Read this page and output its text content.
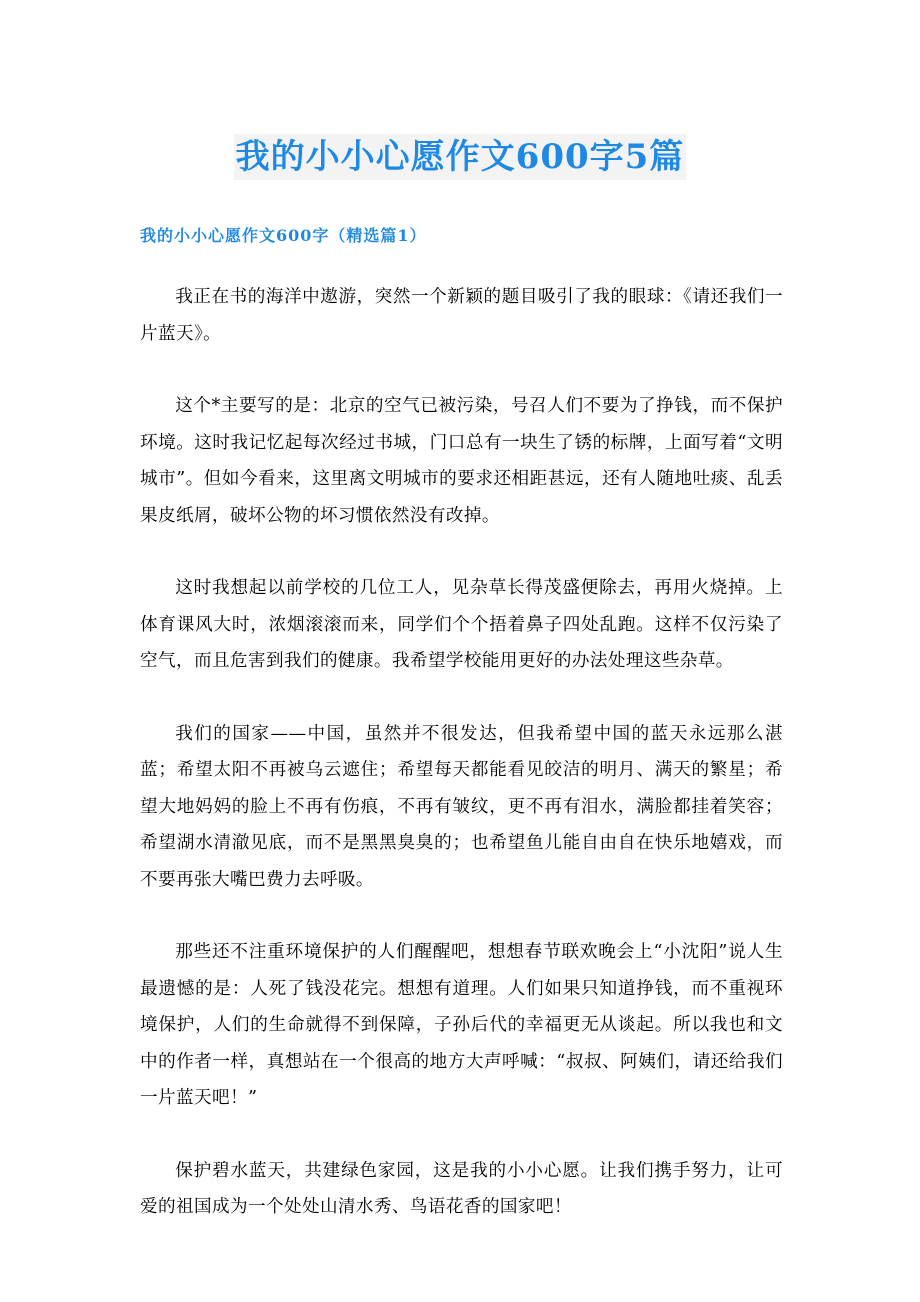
我的小小心愿作文600字5篇
我的小小心愿作文600字（精选篇1）

我正在书的海洋中遨游，突然一个新颖的题目吸引了我的眼球：《请还我们一片蓝天》。

这个*主要写的是：北京的空气已被污染，号召人们不要为了挣钱，而不保护环境。这时我记忆起每次经过书城，门口总有一块生了锈的标牌，上面写着“文明城市”。但如今看来，这里离文明城市的要求还相距甚远，还有人随地吐痰、乱丢果皮纸屑，破坏公物的坏习惯依然没有改掉。

这时我想起以前学校的几位工人，见杂草长得茂盛便除去，再用火烧掉。上体育课风大时，浓烟滚滚而来，同学们个个捂着鼻子四处乱跑。这样不仅污染了空气，而且危害到我们的健康。我希望学校能用更好的办法处理这些杂草。

我们的国家——中国，虽然并不很发达，但我希望中国的蓝天永远那么湛蓝；希望太阳不再被乌云遮住；希望每天都能看见皎洁的明月、满天的繁星；希望大地妈妈的脸上不再有伤痕，不再有皱纹，更不再有泪水，满脸都挂着笑容；希望湖水清澈见底，而不是黑黑臭臭的；也希望鱼儿能自由自在快乐地嬉戏，而不要再张大嘴巴费力去呼吸。

那些还不注重环境保护的人们醒醒吧，想想春节联欢晚会上“小沈阳”说人生最遗憾的是：人死了钱没花完。想想有道理。人们如果只知道挣钱，而不重视环境保护，人们的生命就得不到保障，子孙后代的幸福更无从谈起。所以我也和文中的作者一样，真想站在一个很高的地方大声呼喊：“叔叔、阿姨们，请还给我们一片蓝天吧！”

保护碧水蓝天，共建绿色家园，这是我的小小心愿。让我们携手努力，让可爱的祖国成为一个处处山清水秀、鸟语花香的国家吧！
